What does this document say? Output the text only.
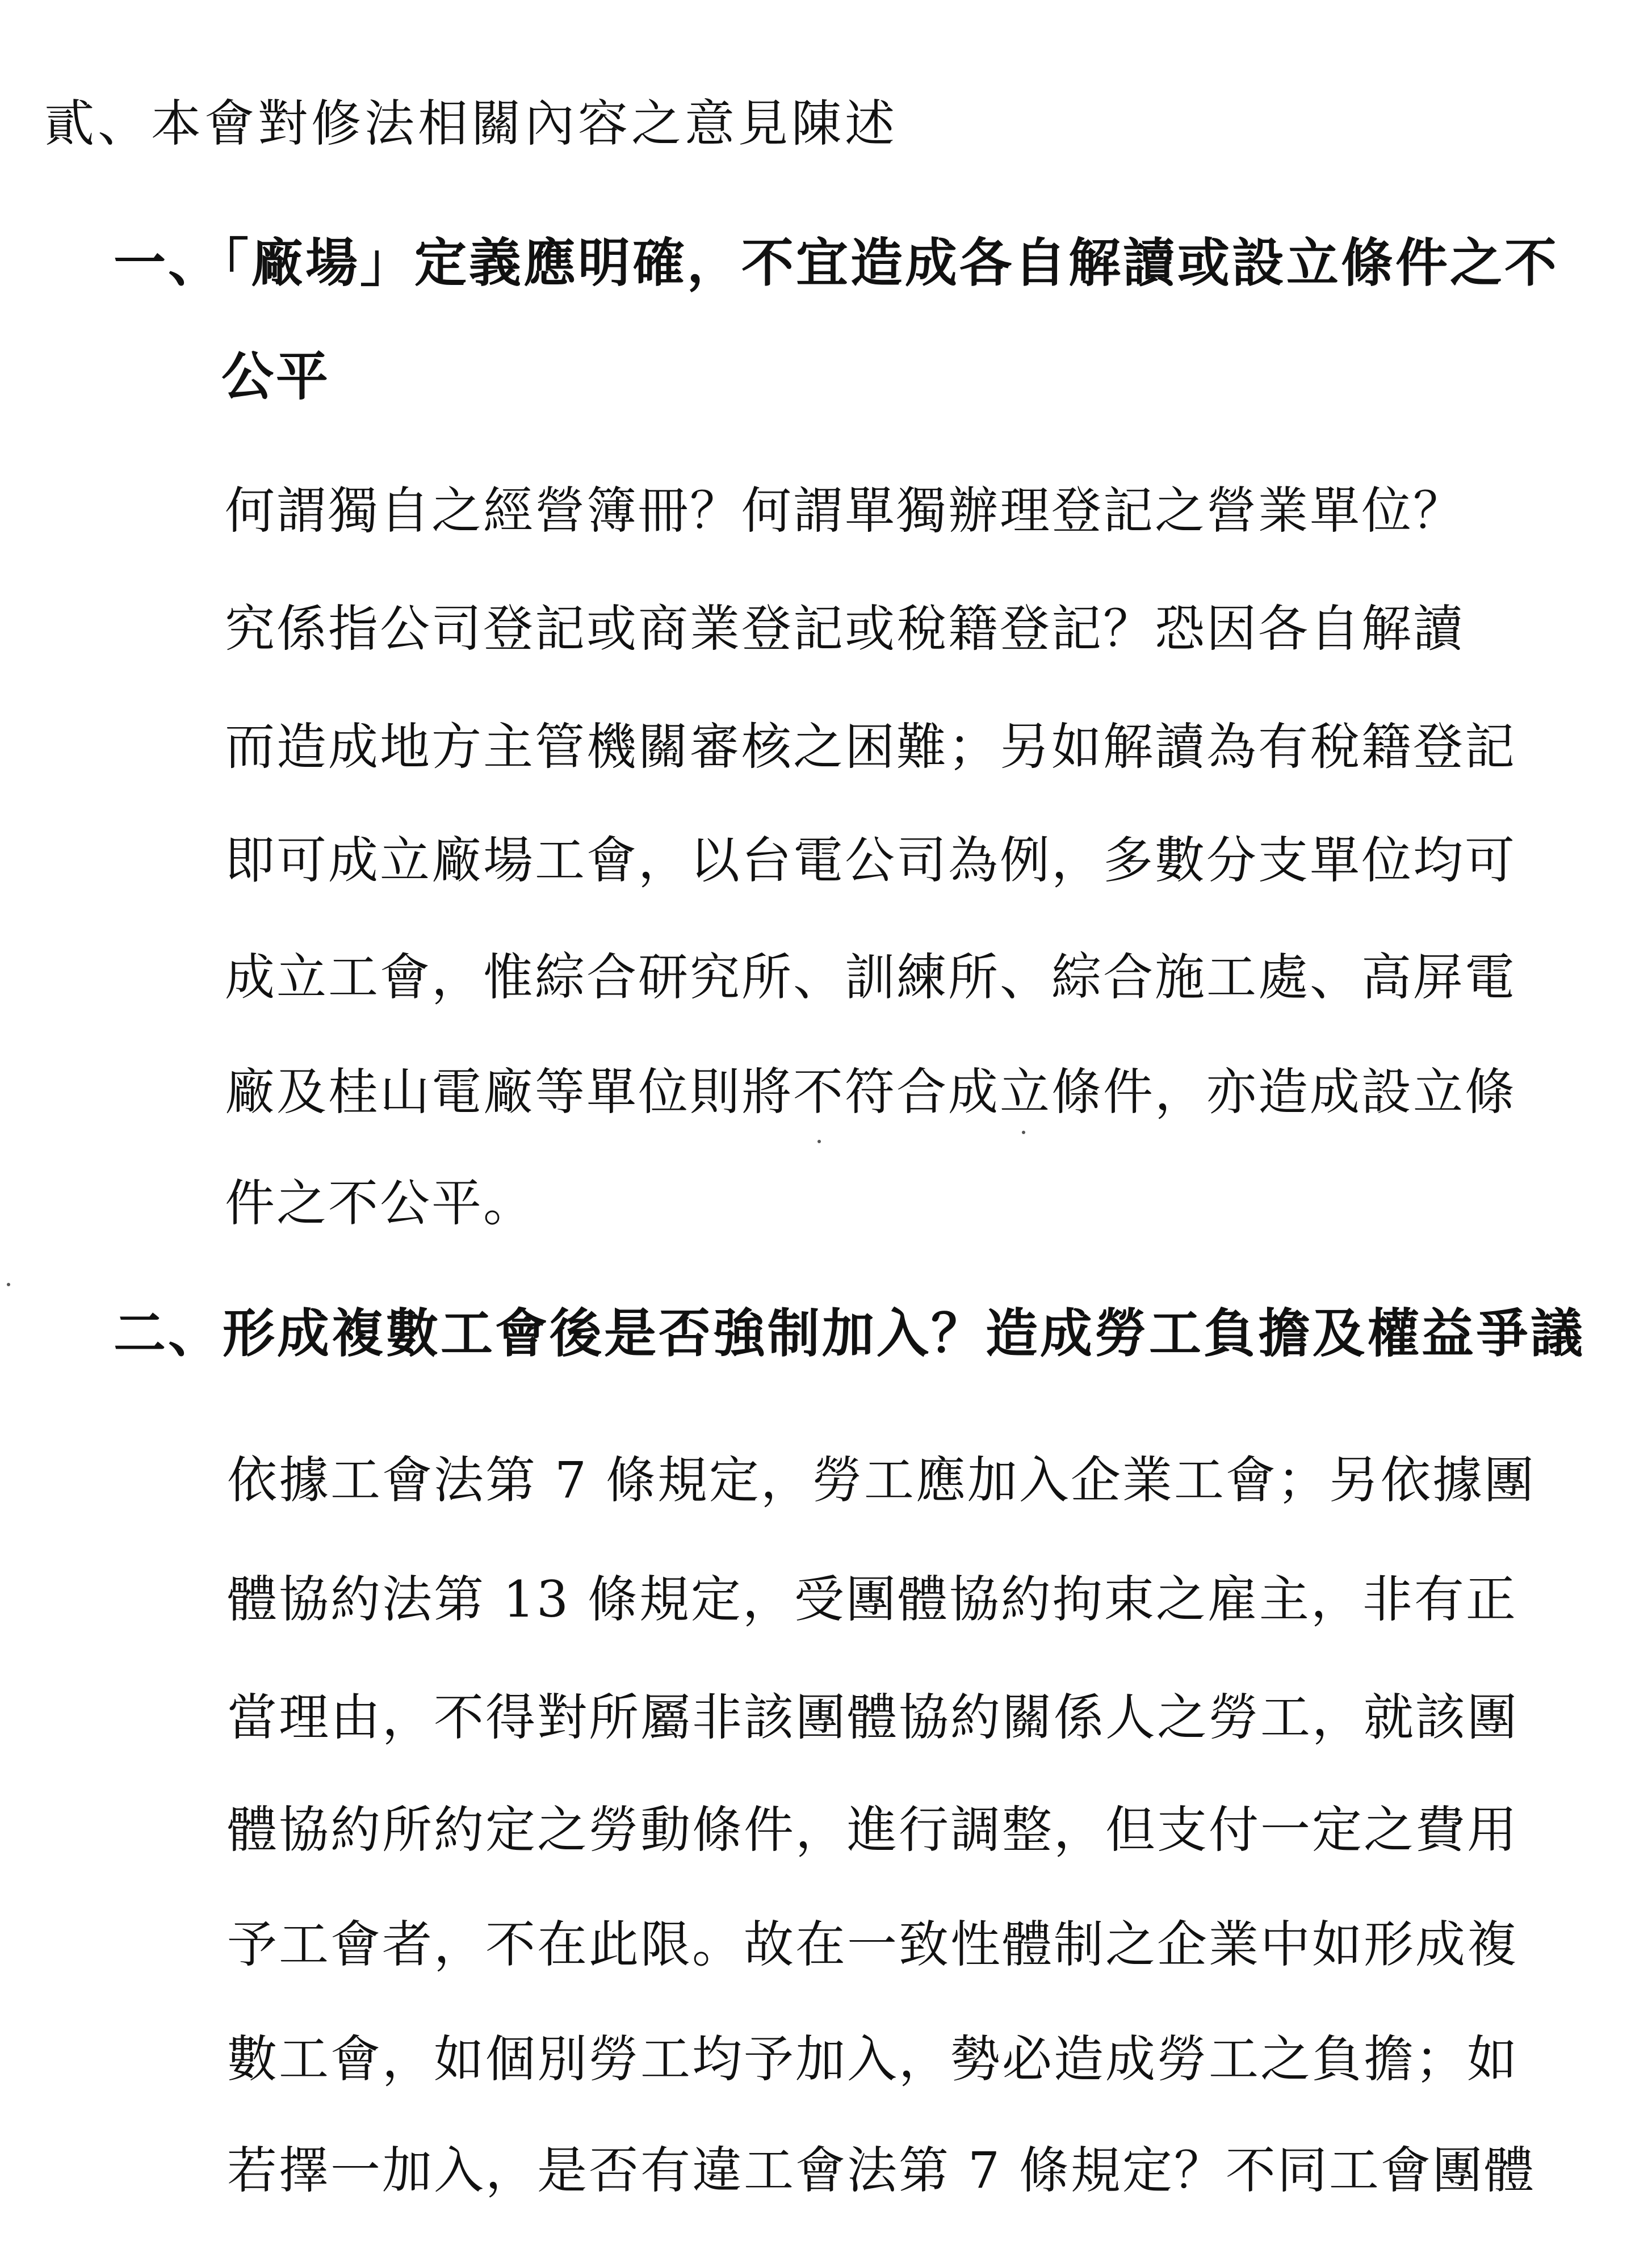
貳、本會對修法相關內容之意見陳述
一、「廠場」定義應明確，不宜造成各自解讀或設立條件之不
公平
何謂獨自之經營簿冊？何謂單獨辦理登記之營業單位？
究係指公司登記或商業登記或稅籍登記？恐因各自解讀
而造成地方主管機關審核之困難；另如解讀為有稅籍登記
即可成立廠場工會，以台電公司為例，多數分支單位均可
成立工會，惟綜合研究所、訓練所、綜合施工處、高屏電
廠及桂山電廠等單位則將不符合成立條件，亦造成設立條
件之不公平。
二、形成複數工會後是否強制加入？造成勞工負擔及權益爭議
依據工會法第 7 條規定，勞工應加入企業工會；另依據團
體協約法第 13 條規定，受團體協約拘束之雇主，非有正
當理由，不得對所屬非該團體協約關係人之勞工，就該團
體協約所約定之勞動條件，進行調整，但支付一定之費用
予工會者，不在此限。故在一致性體制之企業中如形成複
數工會，如個別勞工均予加入，勢必造成勞工之負擔；如
若擇一加入，是否有違工會法第 7 條規定？不同工會團體
